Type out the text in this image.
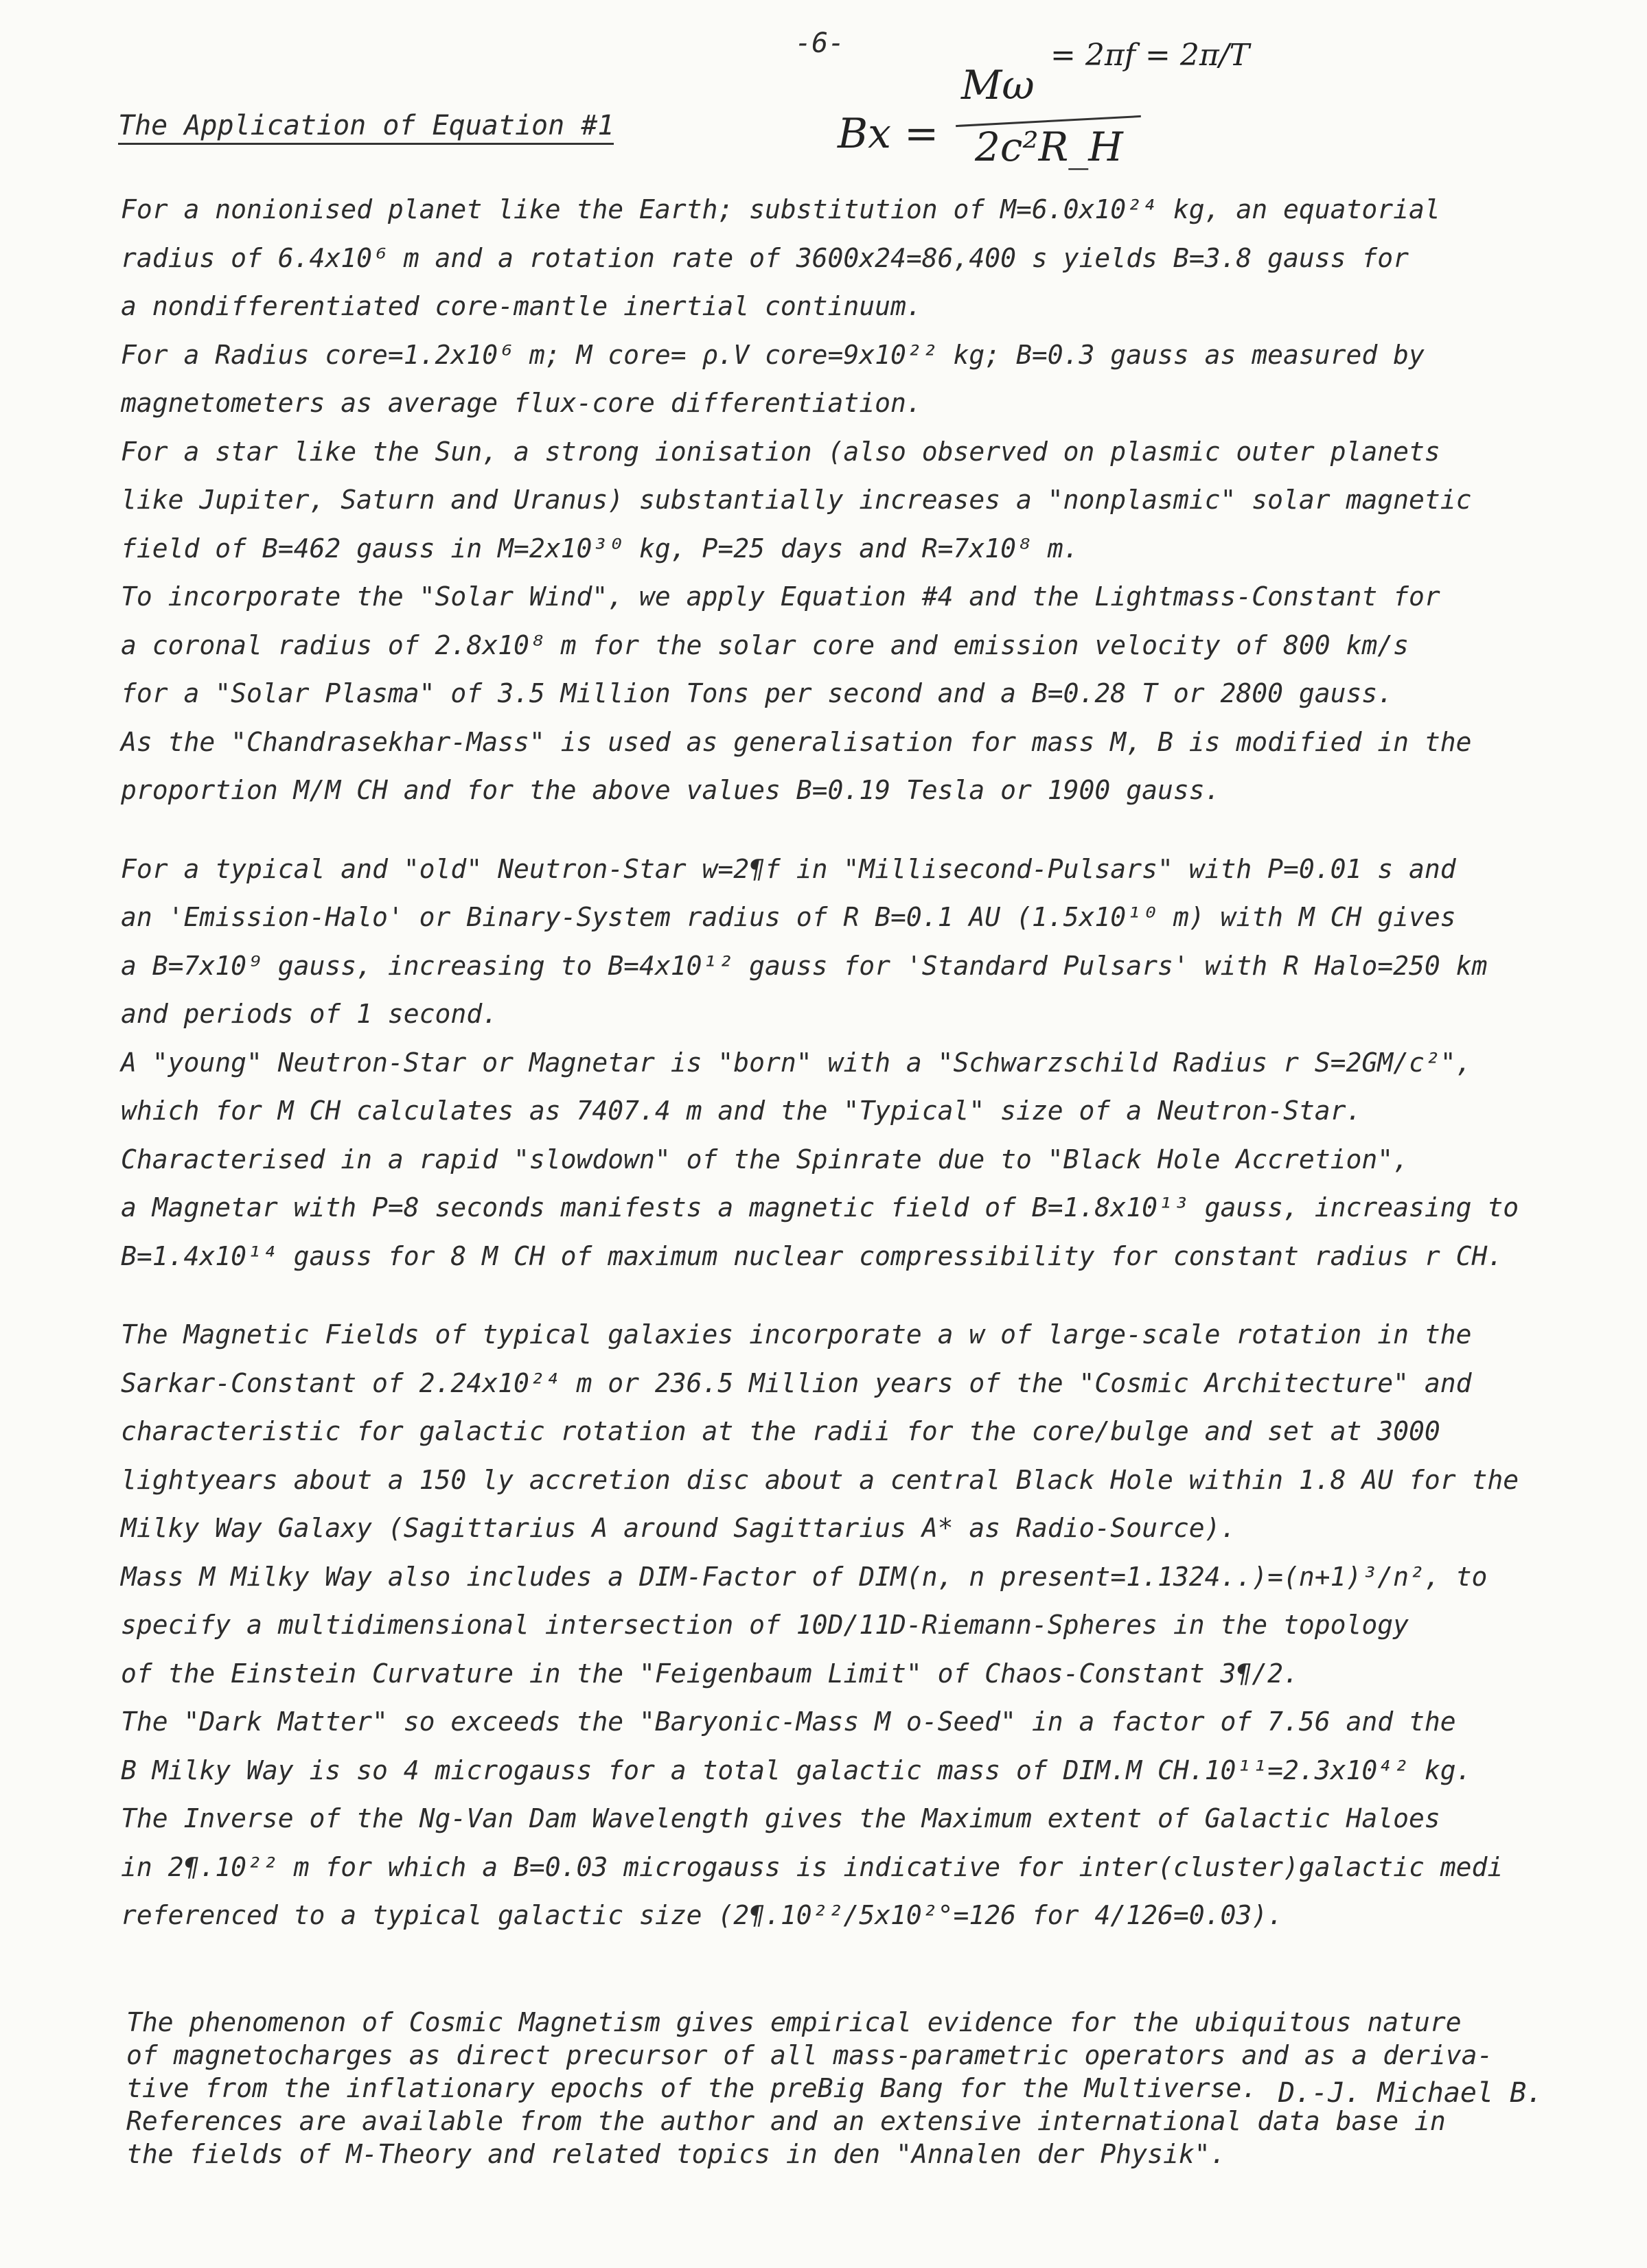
-6-
The Application of Equation #1	Bx =
Mω
= 2πf = 2π/T
2c²R_H
For a nonionised planet like the Earth; substitution of M=6.0x10²⁴ kg, an equatorial
radius of 6.4x10⁶ m and a rotation rate of 3600x24=86,400 s yields B=3.8 gauss for
a nondifferentiated core-mantle inertial continuum.
For a Radius core=1.2x10⁶ m; M core= ρ.V core=9x10²² kg; B=0.3 gauss as measured by
magnetometers as average flux-core differentiation.
For a star like the Sun, a strong ionisation (also observed on plasmic outer planets
like Jupiter, Saturn and Uranus) substantially increases a "nonplasmic" solar magnetic
field of B=462 gauss in M=2x10³⁰ kg, P=25 days and R=7x10⁸ m.
To incorporate the "Solar Wind", we apply Equation #4 and the Lightmass-Constant for
a coronal radius of 2.8x10⁸ m for the solar core and emission velocity of 800 km/s
for a "Solar Plasma" of 3.5 Million Tons per second and a B=0.28 T or 2800 gauss.
As the "Chandrasekhar-Mass" is used as generalisation for mass M, B is modified in the
proportion M/M CH and for the above values B=0.19 Tesla or 1900 gauss.
For a typical and "old" Neutron-Star w=2¶f in "Millisecond-Pulsars" with P=0.01 s and
an 'Emission-Halo' or Binary-System radius of R B=0.1 AU (1.5x10¹⁰ m) with M CH gives
a B=7x10⁹ gauss, increasing to B=4x10¹² gauss for 'Standard Pulsars' with R Halo=250 km
and periods of 1 second.
A "young" Neutron-Star or Magnetar is "born" with a "Schwarzschild Radius r S=2GM/c²",
which for M CH calculates as 7407.4 m and the "Typical" size of a Neutron-Star.
Characterised in a rapid "slowdown" of the Spinrate due to "Black Hole Accretion",
a Magnetar with P=8 seconds manifests a magnetic field of B=1.8x10¹³ gauss, increasing to
B=1.4x10¹⁴ gauss for 8 M CH of maximum nuclear compressibility for constant radius r CH.
The Magnetic Fields of typical galaxies incorporate a w of large-scale rotation in the
Sarkar-Constant of 2.24x10²⁴ m or 236.5 Million years of the "Cosmic Architecture" and
characteristic for galactic rotation at the radii for the core/bulge and set at 3000
lightyears about a 150 ly accretion disc about a central Black Hole within 1.8 AU for the
Milky Way Galaxy (Sagittarius A around Sagittarius A* as Radio-Source).
Mass M Milky Way also includes a DIM-Factor of DIM(n, n present=1.1324..)=(n+1)³/n², to
specify a multidimensional intersection of 10D/11D-Riemann-Spheres in the topology
of the Einstein Curvature in the "Feigenbaum Limit" of Chaos-Constant 3¶/2.
The "Dark Matter" so exceeds the "Baryonic-Mass M o-Seed" in a factor of 7.56 and the
B Milky Way is so 4 microgauss for a total galactic mass of DIM.M CH.10¹¹=2.3x10⁴² kg.
The Inverse of the Ng-Van Dam Wavelength gives the Maximum extent of Galactic Haloes
in 2¶.10²² m for which a B=0.03 microgauss is indicative for inter(cluster)galactic medi
referenced to a typical galactic size (2¶.10²²/5x10²°=126 for 4/126=0.03).
The phenomenon of Cosmic Magnetism gives empirical evidence for the ubiquitous nature
of magnetocharges as direct precursor of all mass-parametric operators and as a deriva-
tive from the inflationary epochs of the preBig Bang for the Multiverse.
References are available from the author and an extensive international data base in
the fields of M-Theory and related topics in den "Annalen der Physik".
D.-J. Michael B.
